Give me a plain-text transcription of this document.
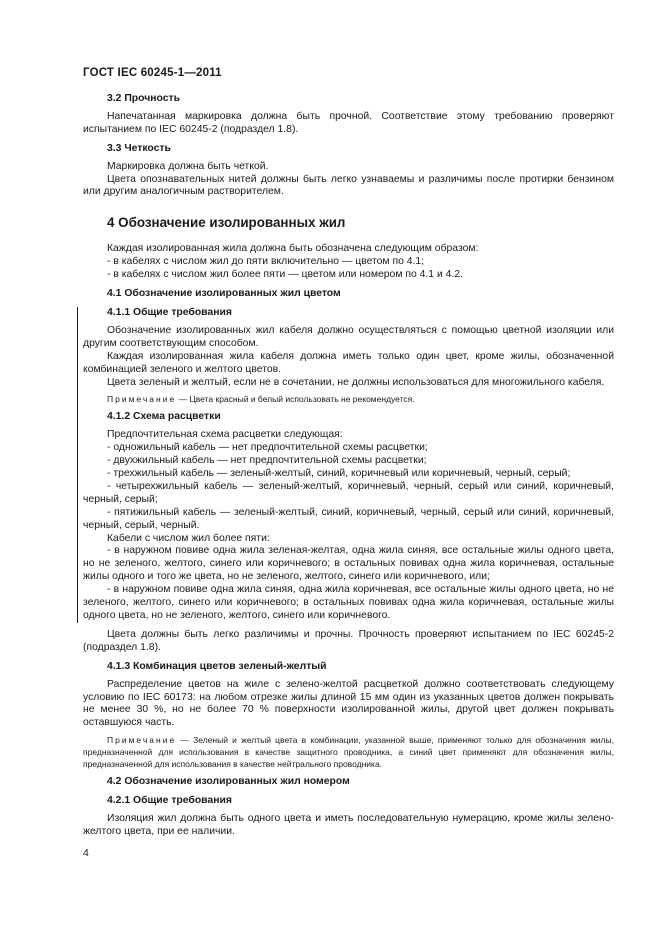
ГОСТ IEC 60245-1—2011

3.2 Прочность

Напечатанная маркировка должна быть прочной. Соответствие этому требованию проверяют испытанием по IEC 60245-2 (подраздел 1.8).

3.3 Четкость

Маркировка должна быть четкой.

Цвета опознавательных нитей должны быть легко узнаваемы и различимы после протирки бензином или другим аналогичным растворителем.

4 Обозначение изолированных жил

Каждая изолированная жила должна быть обозначена следующим образом:

- в кабелях с числом жил до пяти включительно — цветом по 4.1;

- в кабелях с числом жил более пяти — цветом или номером по 4.1 и 4.2.

4.1 Обозначение изолированных жил цветом

4.1.1 Общие требования

Обозначение изолированных жил кабеля должно осуществляться с помощью цветной изоляции или другим соответствующим способом.

Каждая изолированная жила кабеля должна иметь только один цвет, кроме жилы, обозначенной комбинацией зеленого и желтого цветов.

Цвета зеленый и желтый, если не в сочетании, не должны использоваться для многожильного кабеля.

Примечание — Цвета красный и белый использовать не рекомендуется.

4.1.2 Схема расцветки

Предпочтительная схема расцветки следующая:

- одножильный кабель — нет предпочтительной схемы расцветки;

- двухжильный кабель — нет предпочтительной схемы расцветки;

- трехжильный кабель — зеленый-желтый, синий, коричневый или коричневый, черный, серый;

- четырехжильный кабель — зеленый-желтый, коричневый, черный, серый или синий, коричневый, черный, серый;

- пятижильный кабель — зеленый-желтый, синий, коричневый, черный, серый или синий, коричневый, черный, серый, черный.

Кабели с числом жил более пяти:

- в наружном повиве одна жила зеленая-желтая, одна жила синяя, все остальные жилы одного цвета, но не зеленого, желтого, синего или коричневого; в остальных повивах одна жила коричневая, остальные жилы одного и того же цвета, но не зеленого, желтого, синего или коричневого, или;

- в наружном повиве одна жила синяя, одна жила коричневая, все остальные жилы одного цвета, но не зеленого, желтого, синего или коричневого; в остальных повивах одна жила коричневая, остальные жилы одного цвета, но не зеленого, желтого, синего или коричневого.

Цвета должны быть легко различимы и прочны. Прочность проверяют испытанием по IEC 60245-2 (подраздел 1.8).

4.1.3 Комбинация цветов зеленый-желтый

Распределение цветов на жиле с зелено-желтой расцветкой должно соответствовать следующему условию по IEC 60173: на любом отрезке жилы длиной 15 мм один из указанных цветов должен покрывать не менее 30 %, но не более 70 % поверхности изолированной жилы, другой цвет должен покрывать оставшуюся часть.

Примечание — Зеленый и желтый цвета в комбинации, указанной выше, применяют только для обозначения жилы, предназначенной для использования в качестве защитного проводника, а синий цвет применяют для обозначения жилы, предназначенной для использования в качестве нейтрального проводника.

4.2 Обозначение изолированных жил номером

4.2.1 Общие требования

Изоляция жил должна быть одного цвета и иметь последовательную нумерацию, кроме жилы зелено-желтого цвета, при ее наличии.

4
